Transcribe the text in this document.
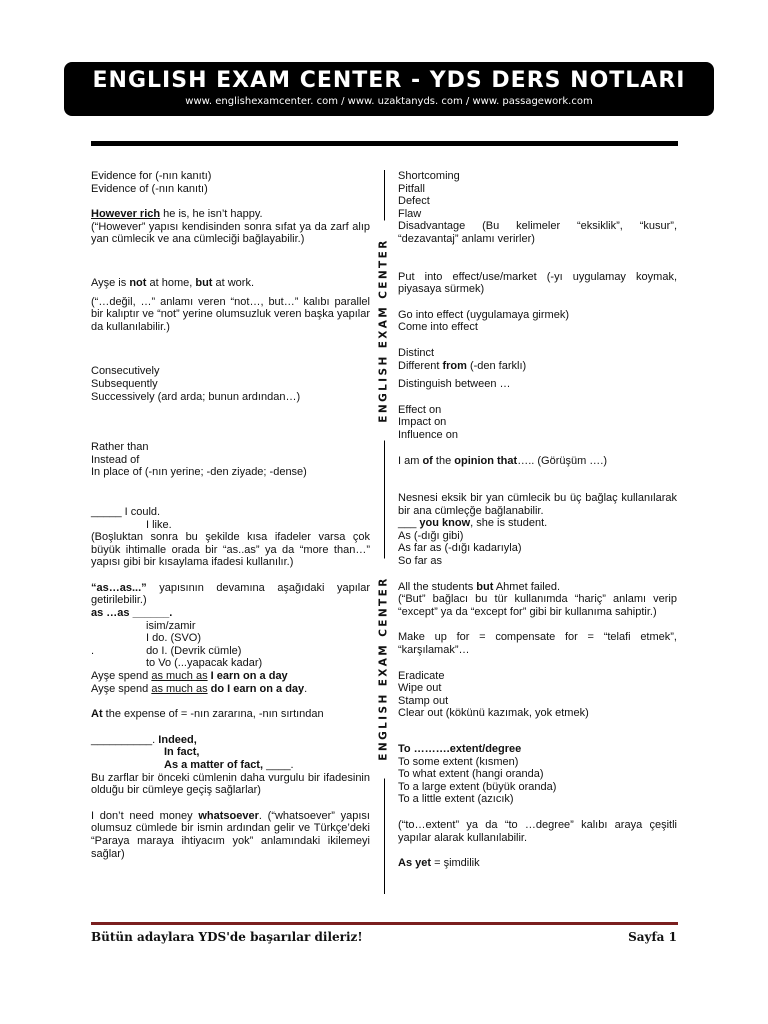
ENGLISH EXAM CENTER - YDS DERS NOTLARI
www. englishexamcenter. com / www. uzaktanyds. com / www. passagework.com

Evidence for (-nın kanıtı)

Evidence of (-nın kanıtı)

However rich he is, he isn’t happy.

(“However” yapısı kendisinden sonra sıfat ya da zarf alıp yan cümlecik ve ana cümleciği bağlayabilir.)

Ayşe is not at home, but at work.

(“…değil, …” anlamı veren “not…, but…” kalıbı parallel bir kalıptır ve “not” yerine olumsuzluk veren başka yapılar da kullanılabilir.)

Consecutively

Subsequently

Successively (ard arda; bunun ardından…)

Rather than

Instead of

In place of (-nın yerine; -den ziyade; -dense)

_____ I could.

I like.

(Boşluktan sonra bu şekilde kısa ifadeler varsa çok büyük ihtimalle orada bir “as..as” ya da “more than…” yapısı gibi bir kısaylama ifadesi kullanılır.)

“as…as...” yapısının devamına aşağıdaki yapılar getirilebilir.)

as …as ______.

isim/zamir

I do. (SVO)

.	do I. (Devrik cümle)

to Vo (...yapacak kadar)

Ayşe spend as much as I earn on a day

Ayşe spend as much as do I earn on a day.

At the expense of = -nın zararına, -nın sırtından

__________. Indeed,

In fact,

As a matter of fact, ____.

Bu zarflar bir önceki cümlenin daha vurgulu bir ifadesinin olduğu bir cümleye geçiş sağlarlar)

I don’t need money whatsoever. (“whatsoever” yapısı olumsuz cümlede bir ismin ardından gelir ve Türkçe’deki “Paraya maraya ihtiyacım yok” anlamındaki ikilemeyi sağlar)

ENGLISH EXAM CENTER
ENGLISH EXAM CENTER

Shortcoming

Pitfall

Defect

Flaw

Disadvantage (Bu kelimeler “eksiklik”, “kusur”, “dezavantaj” anlamı verirler)

Put into effect/use/market (-yı uygulamay koymak, piyasaya sürmek)

Go into effect (uygulamaya girmek)

Come into effect

Distinct

Different from (-den farklı)

Distinguish between …

Effect on

Impact on

Influence on

I am of the opinion that….. (Görüşüm ….)

Nesnesi eksik bir yan cümlecik bu üç bağlaç kullanılarak bir ana cümleçğe bağlanabilir.

___ you know, she is student.

As (-dığı gibi)

As far as (-dığı kadarıyla)

So far as

All the students but Ahmet failed.

(“But” bağlacı bu tür kullanımda “hariç” anlamı verip “except” ya da “except for” gibi bir kullanıma sahiptir.)

Make up for = compensate for = “telafi etmek”, “karşılamak”…

Eradicate

Wipe out

Stamp out

Clear out (kökünü kazımak, yok etmek)

To ……….extent/degree

To some extent (kısmen)

To what extent (hangi oranda)

To a large extent (büyük oranda)

To a little extent (azıcık)

(“to…extent” ya da “to …degree” kalıbı araya çeşitli yapılar alarak kullanılabilir.

As yet = şimdilik

Bütün adaylara YDS'de başarılar dileriz!	Sayfa 1
